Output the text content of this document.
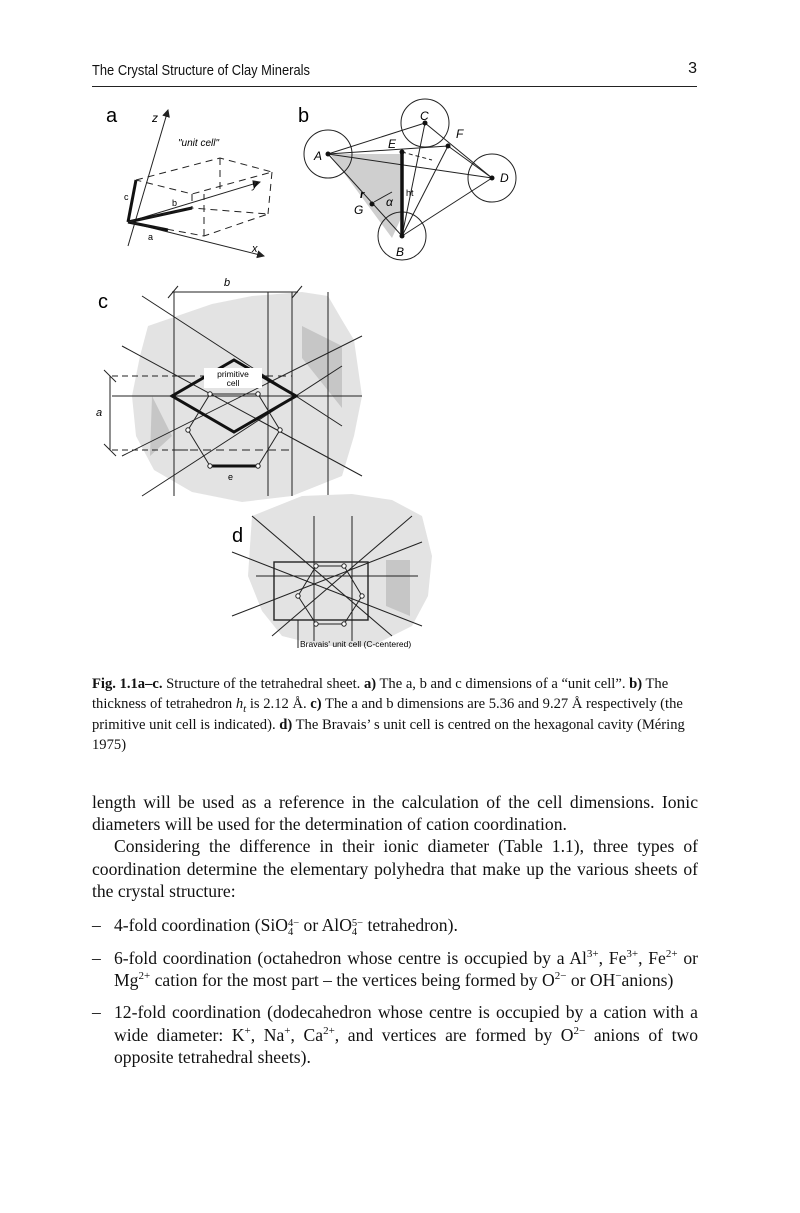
The Crystal Structure of Clay Minerals	3
a	z
x
y
c
b
a
"unit cell"
b
A
B
C
D
E
F
G
r α
ht
c
b
a
primitive
cell
e
d
Bravais' unit cell (C-centered)
Fig. 1.1a–c. Structure of the tetrahedral sheet. a) The a, b and c dimensions of a “unit cell”. b) The thickness of tetrahedron $h_t$ is 2.12 Å. c) The a and b dimensions are 5.36 and 9.27 Å respectively (the primitive unit cell is indicated). d) The Bravais’ s unit cell is centred on the hexagonal cavity (Méring 1975)

length will be used as a reference in the calculation of the cell dimensions. Ionic diameters will be used for the determination of cation coordination.

Considering the difference in their ionic diameter (Table 1.1), three types of coordination determine the elementary polyhedra that make up the various sheets of the crystal structure:

– 4-fold coordination (SiO 4−
4 or AlO 5−
4 tetrahedron).
– 6-fold coordination (octahedron whose centre is occupied by a $Al^{3+}$, $Fe^{3+}$, $Fe^{2+}$ or $Mg^{2+}$ cation for the most part – the vertices being formed by $O^{2-}$ or OH−anions)
– 12-fold coordination (dodecahedron whose centre is occupied by a cation with a wide diameter: K+, Na+, $Ca^{2+}$, and vertices are formed by $O^{2-}$ anions of two opposite tetrahedral sheets).
